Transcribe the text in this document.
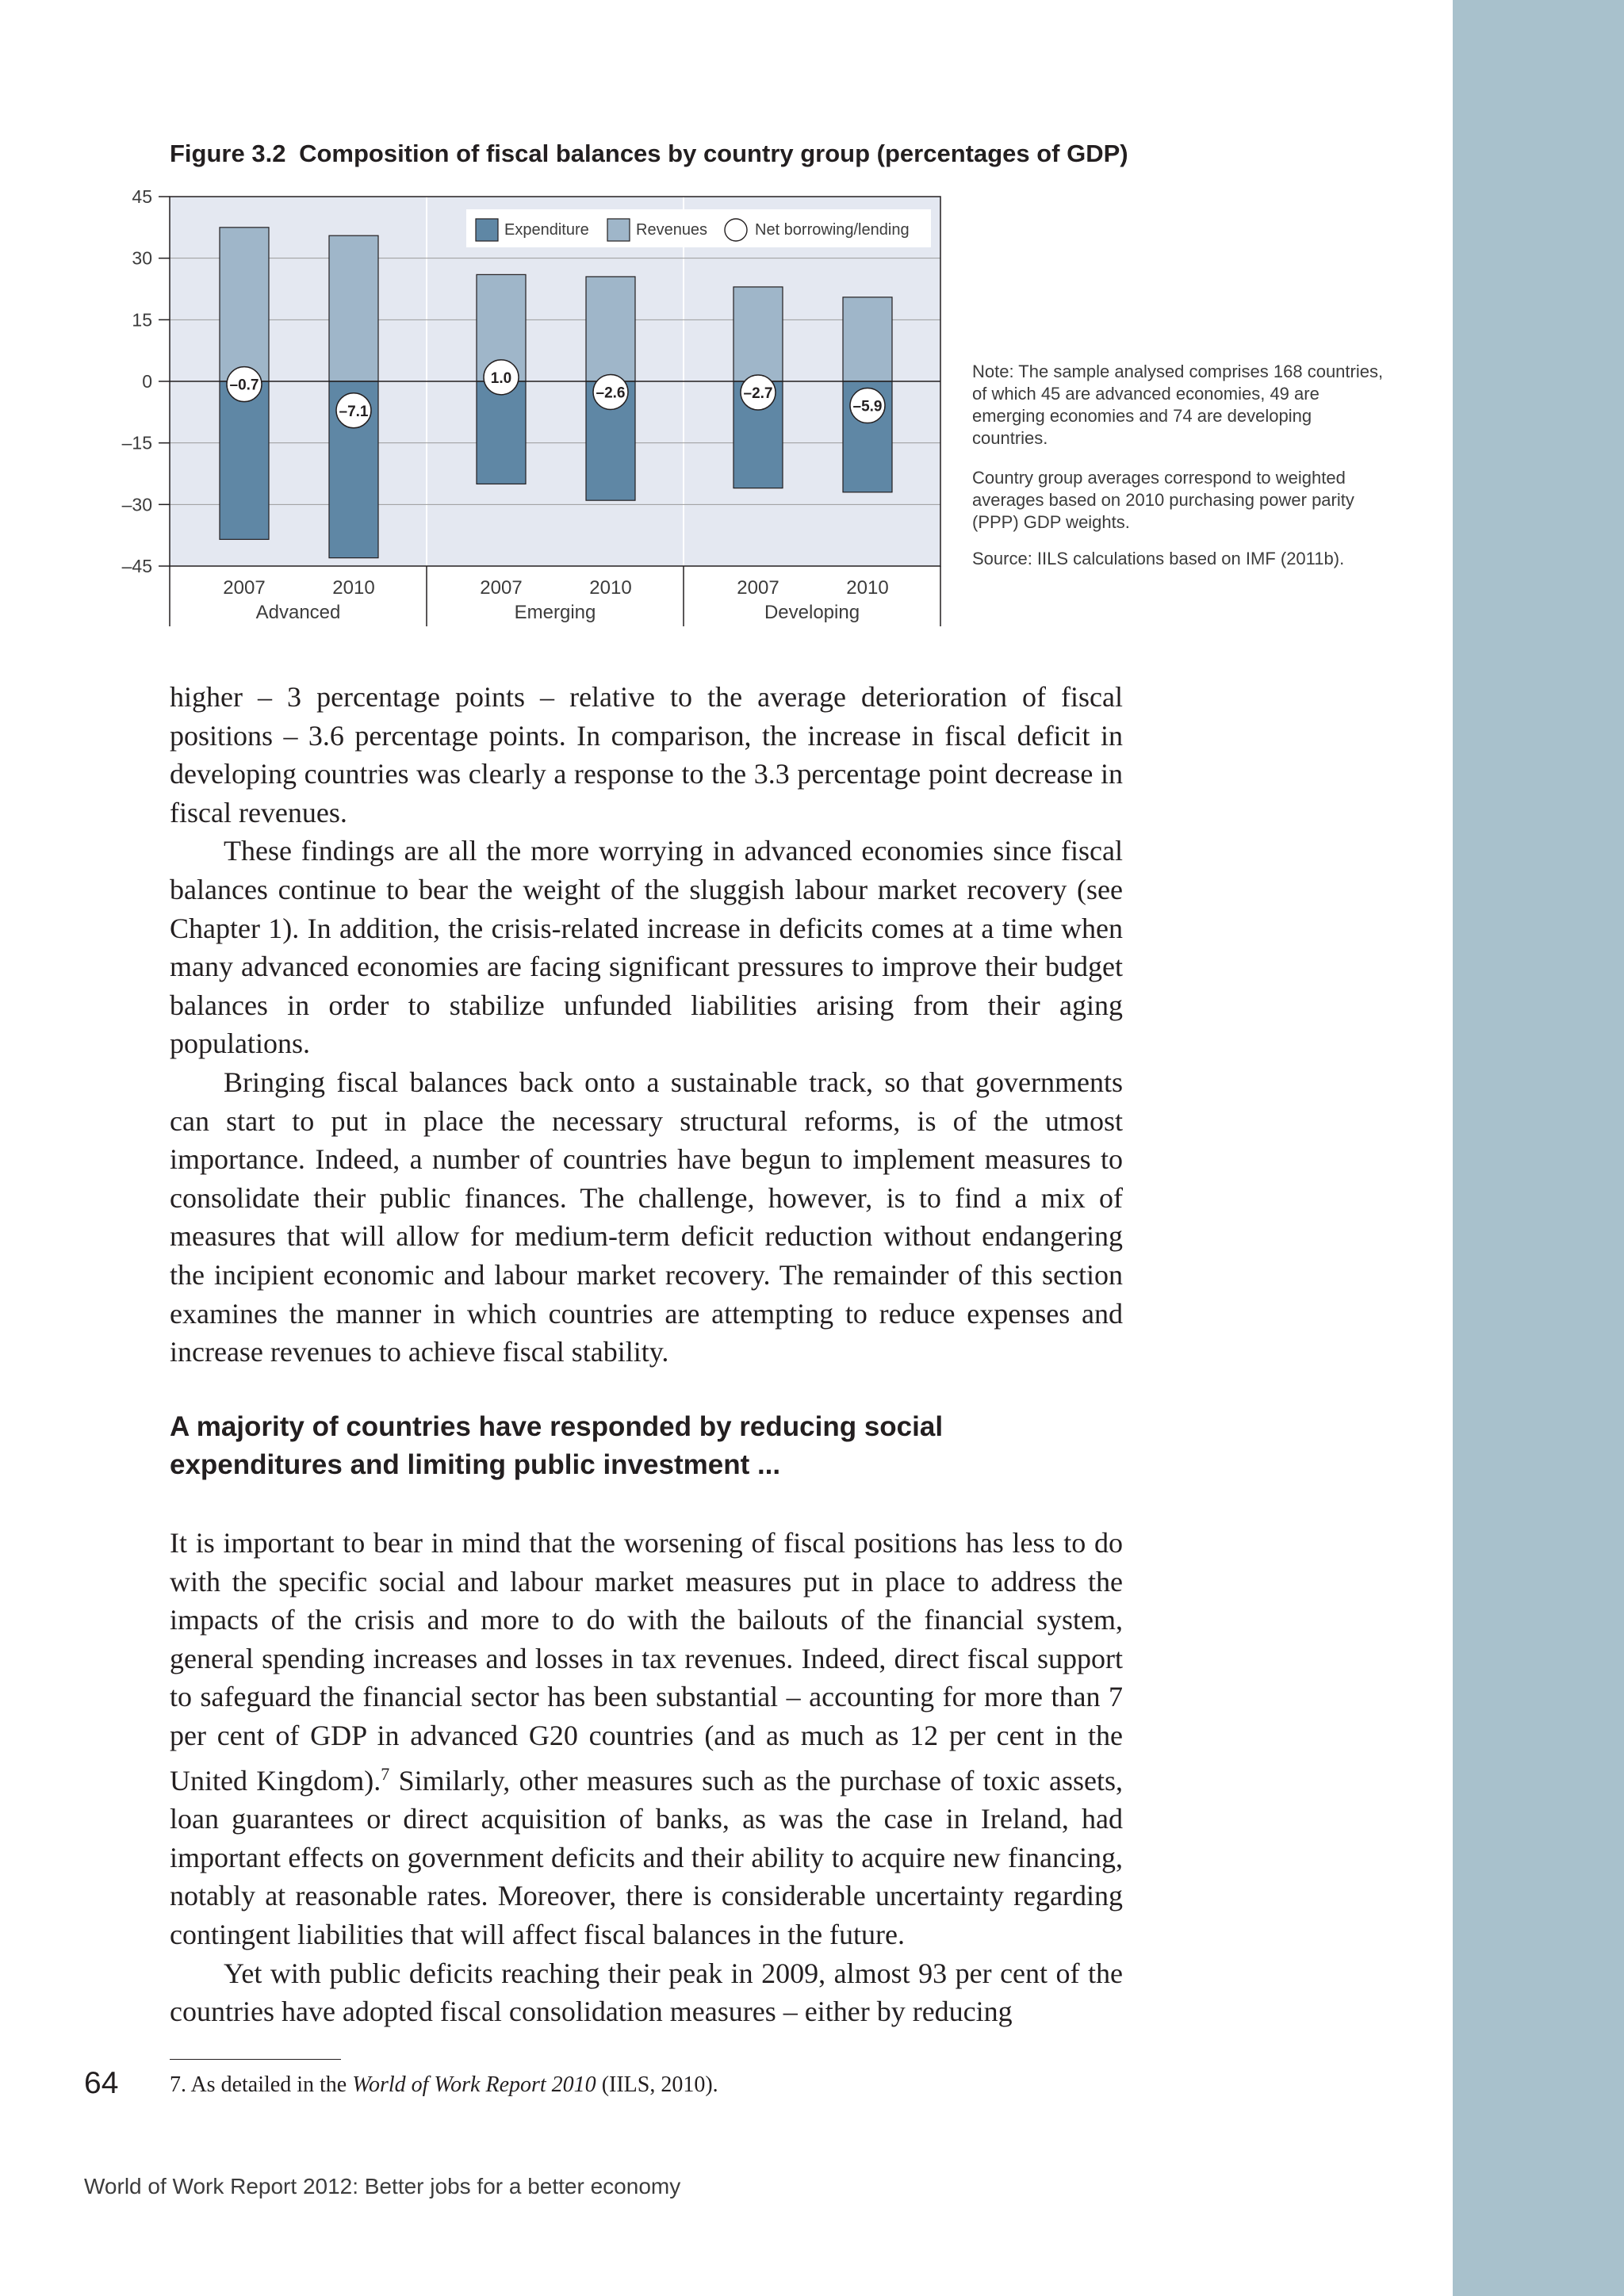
Figure 3.2 Composition of fiscal balances by country group (percentages of GDP)
45
30
15
0
–15
–30
–45
2007	2010	2007	2010	2007	2010
–0.7
–7.1
1.0
–2.6	–2.7
–5.9
Advanced	Emerging	Developing
Expenditure	Revenues	Net borrowing/lending
Note: The sample analysed comprises 168 countries, of which 45 are advanced economies, 49 are emerging economies and 74 are developing countries.
Country group averages correspond to weighted averages based on 2010 purchasing power parity (PPP) GDP weights.
Source: IILS calculations based on IMF (2011b).

higher – 3 percentage points – relative to the average deterioration of fiscal positions – 3.6 percentage points. In comparison, the increase in fiscal deficit in developing countries was clearly a response to the 3.3 percentage point decrease in fiscal revenues.

These findings are all the more worrying in advanced economies since fiscal balances continue to bear the weight of the sluggish labour market recovery (see Chapter 1). In addition, the crisis-related increase in deficits comes at a time when many advanced economies are facing significant pressures to improve their budget balances in order to stabilize unfunded liabilities arising from their aging populations.

Bringing fiscal balances back onto a sustainable track, so that governments can start to put in place the necessary structural reforms, is of the utmost importance. Indeed, a number of countries have begun to implement measures to consolidate their public finances. The challenge, however, is to find a mix of measures that will allow for medium-term deficit reduction without endangering the incipient economic and labour market recovery. The remainder of this section examines the manner in which countries are attempting to reduce expenses and increase revenues to achieve fiscal stability.

A majority of countries have responded by reducing social expenditures and limiting public investment ...

It is important to bear in mind that the worsening of fiscal positions has less to do with the specific social and labour market measures put in place to address the impacts of the crisis and more to do with the bailouts of the financial system, general spending increases and losses in tax revenues. Indeed, direct fiscal support to safeguard the financial sector has been substantial – accounting for more than 7 per cent of GDP in advanced G20 countries (and as much as 12 per cent in the United Kingdom).$^7$ Similarly, other measures such as the purchase of toxic assets, loan guarantees or direct acquisition of banks, as was the case in Ireland, had important effects on government deficits and their ability to acquire new financing, notably at reasonable rates. Moreover, there is considerable uncertainty regarding contingent liabilities that will affect fiscal balances in the future.

Yet with public deficits reaching their peak in 2009, almost 93 per cent of the countries have adopted fiscal consolidation measures – either by reducing

64 7. As detailed in the World of Work Report 2010 (IILS, 2010).
World of Work Report 2012: Better jobs for a better economy
